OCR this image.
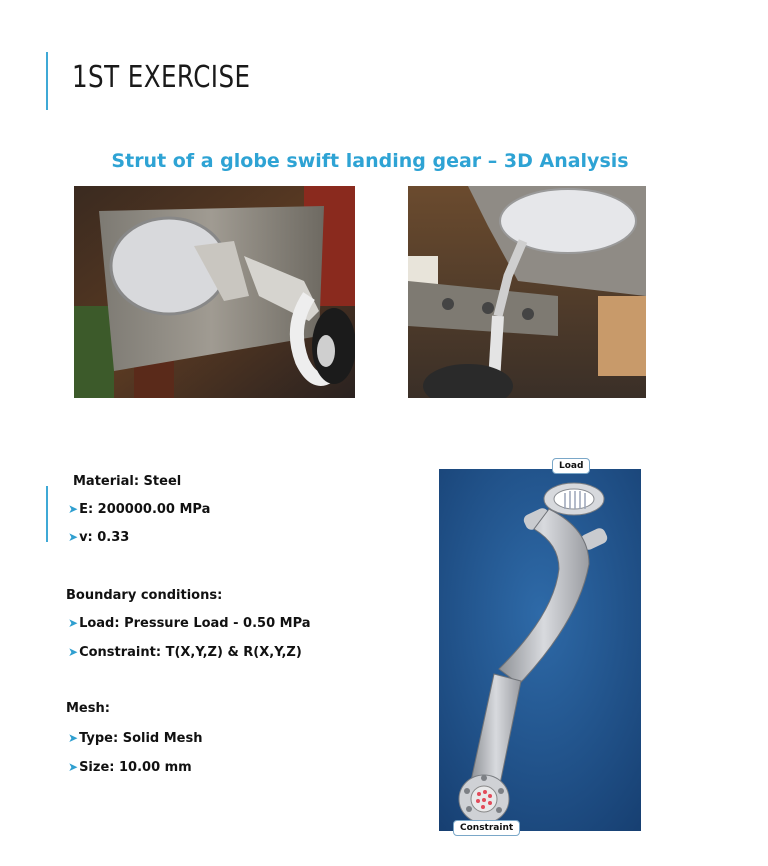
1ST EXERCISE
Strut of a globe swift landing gear – 3D Analysis
Material: Steel
➤E: 200000.00 MPa
➤v: 0.33
Boundary conditions:
➤Load: Pressure Load - 0.50 MPa
➤Constraint: T(X,Y,Z) & R(X,Y,Z)
Mesh:
➤Type: Solid Mesh
➤Size: 10.00 mm
Load
Constraint
